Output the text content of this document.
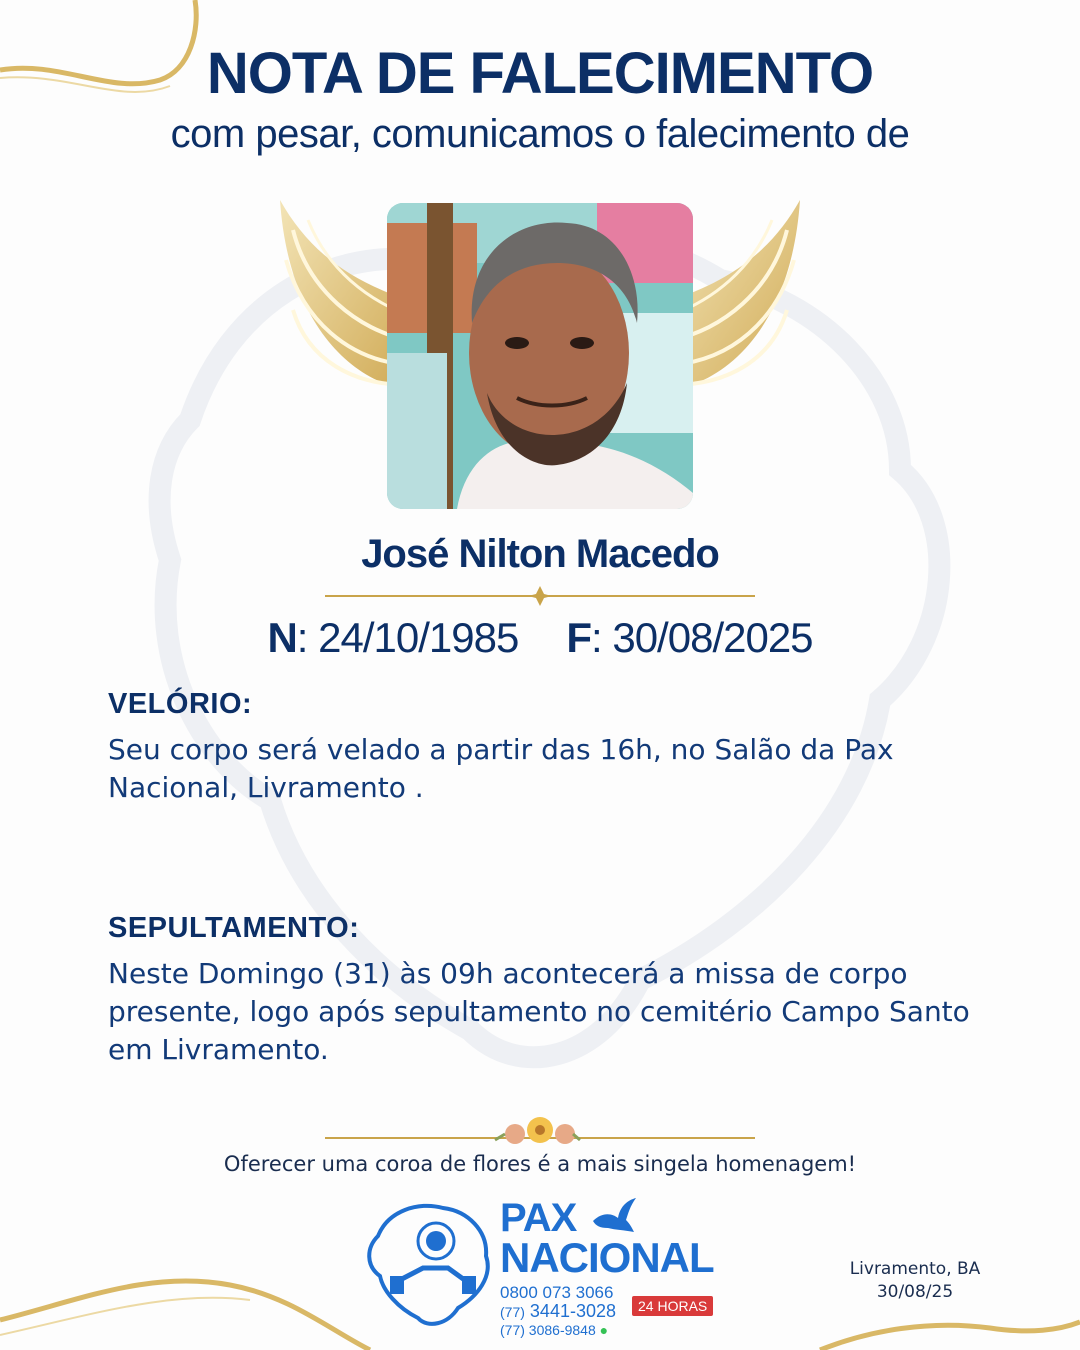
NOTA DE FALECIMENTO

com pesar, comunicamos o falecimento de

José Nilton Macedo
N: 24/10/1985 F: 30/08/2025
VELÓRIO:

Seu corpo será velado a partir das 16h, no Salão da Pax Nacional, Livramento .

SEPULTAMENTO:

Neste Domingo (31) às 09h acontecerá a missa de corpo presente, logo após sepultamento no cemitério Campo Santo em Livramento.

Oferecer uma coroa de flores é a mais singela homenagem!
PAX
NACIONAL
0800 073 3066
(77) 3441-3028
(77) 3086-9848 ●
24 HORAS
Livramento, BA
30/08/25
